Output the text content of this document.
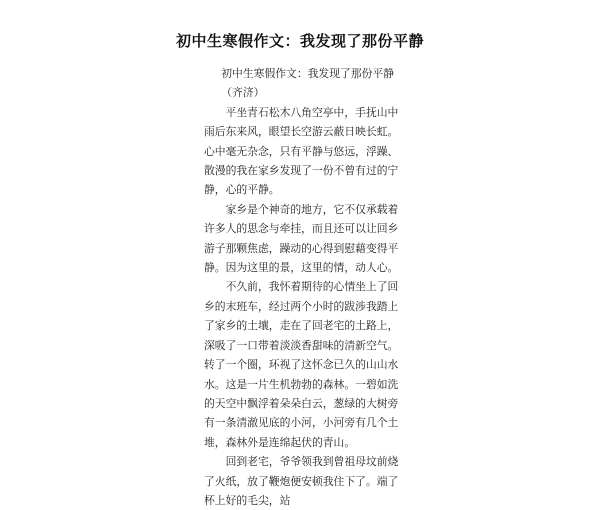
初中生寒假作文：我发现了那份平静

初中生寒假作文：我发现了那份平静

（齐济）

平坐青石松木八角空亭中，手抚山中雨后东来风，眼望长空游云蔽日映长虹。心中毫无杂念，只有平静与悠远，浮躁、散漫的我在家乡发现了一份不曾有过的宁静，心的平静。

家乡是个神奇的地方，它不仅承载着许多人的思念与牵挂，而且还可以让回乡游子那颗焦虑，躁动的心得到慰藉变得平静。因为这里的景，这里的情，动人心。

不久前，我怀着期待的心情坐上了回乡的末班车，经过两个小时的跋涉我踏上了家乡的土壤，走在了回老宅的土路上，深吸了一口带着淡淡香甜味的清新空气。转了一个圈，环视了这怀念已久的山山水水。这是一片生机勃勃的森林。一碧如洗的天空中飘浮着朵朵白云，葱绿的大树旁有一条清澈见底的小河，小河旁有几个土堆，森林外是连绵起伏的青山。

回到老宅，爷爷领我到曾祖母坟前烧了火纸，放了鞭炮便安顿我住下了。端了杯上好的毛尖，站
